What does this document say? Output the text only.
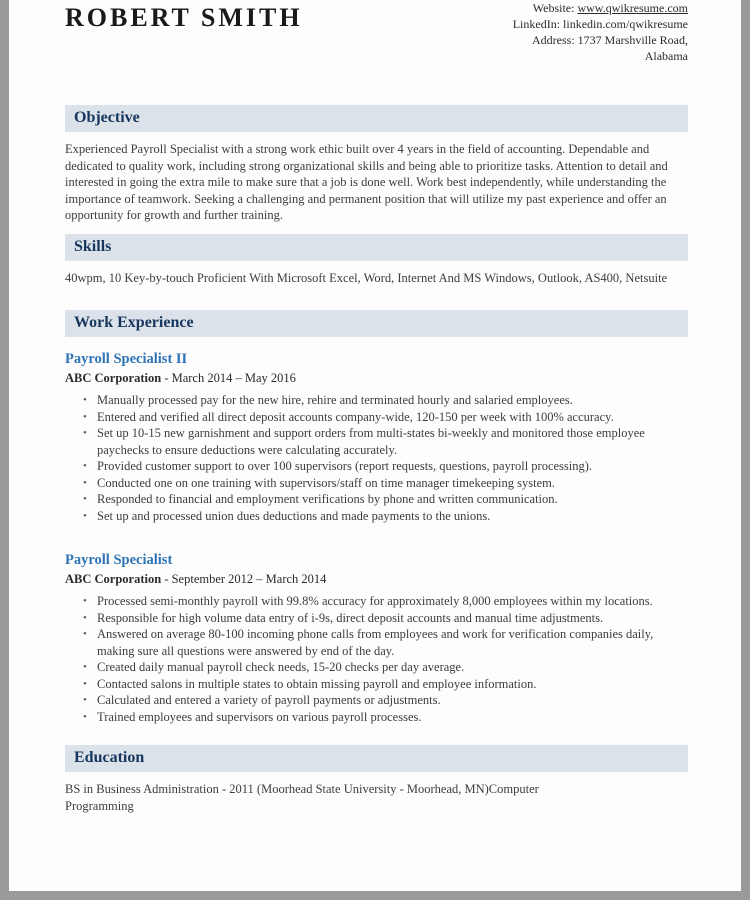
ROBERT SMITH	Website: www.qwikresume.com
LinkedIn: linkedin.com/qwikresume
Address: 1737 Marshville Road,
Alabama
Objective

Experienced Payroll Specialist with a strong work ethic built over 4 years in the field of accounting. Dependable and dedicated to quality work, including strong organizational skills and being able to prioritize tasks. Attention to detail and interested in going the extra mile to make sure that a job is done well. Work best independently, while understanding the importance of teamwork. Seeking a challenging and permanent position that will utilize my past experience and offer an opportunity for growth and further training.

Skills

40wpm, 10 Key-by-touch Proficient With Microsoft Excel, Word, Internet And MS Windows, Outlook, AS400, Netsuite

Work Experience
Payroll Specialist II
ABC Corporation - March 2014 – May 2016
• Manually processed pay for the new hire, rehire and terminated hourly and salaried employees.
• Entered and verified all direct deposit accounts company-wide, 120-150 per week with 100% accuracy.
• Set up 10-15 new garnishment and support orders from multi-states bi-weekly and monitored those employee paychecks to ensure deductions were calculating accurately.
• Provided customer support to over 100 supervisors (report requests, questions, payroll processing).
• Conducted one on one training with supervisors/staff on time manager timekeeping system.
• Responded to financial and employment verifications by phone and written communication.
• Set up and processed union dues deductions and made payments to the unions.
Payroll Specialist
ABC Corporation - September 2012 – March 2014
• Processed semi-monthly payroll with 99.8% accuracy for approximately 8,000 employees within my locations.
• Responsible for high volume data entry of i-9s, direct deposit accounts and manual time adjustments.
• Answered on average 80-100 incoming phone calls from employees and work for verification companies daily, making sure all questions were answered by end of the day.
• Created daily manual payroll check needs, 15-20 checks per day average.
• Contacted salons in multiple states to obtain missing payroll and employee information.
• Calculated and entered a variety of payroll payments or adjustments.
• Trained employees and supervisors on various payroll processes.
Education

BS in Business Administration - 2011 (Moorhead State University - Moorhead, MN)Computer
Programming
